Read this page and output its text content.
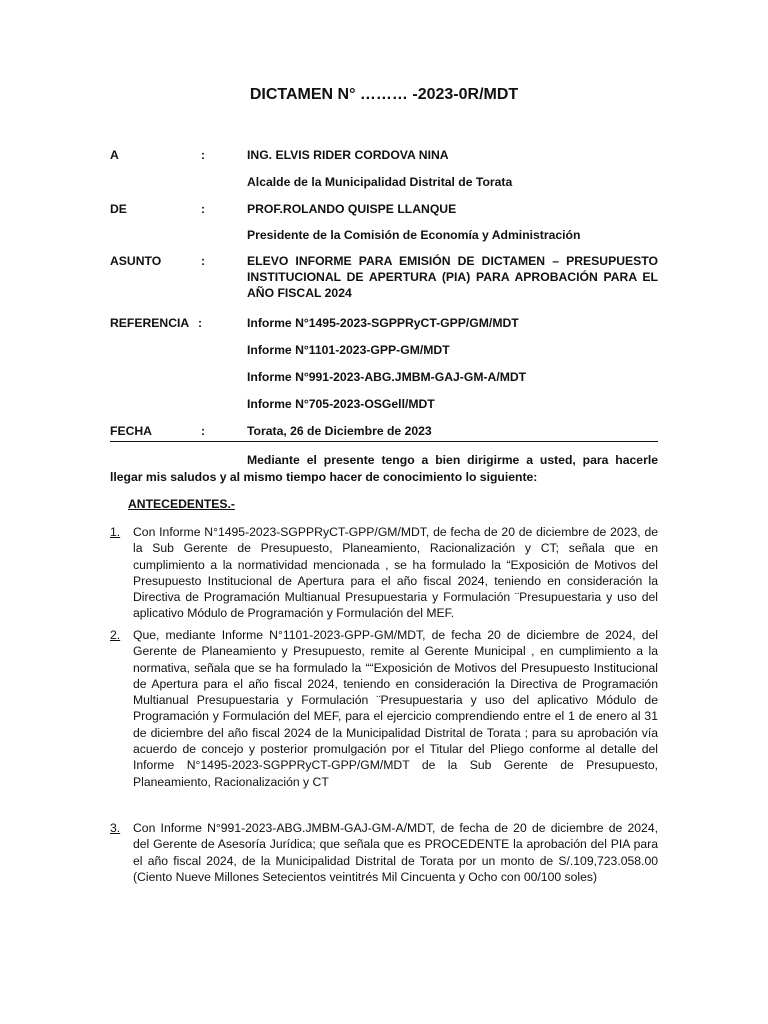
DICTAMEN N° ……… -2023-0R/MDT
A	:	ING. ELVIS RIDER CORDOVA NINA
Alcalde de la Municipalidad Distrital de Torata
DE	:	PROF.ROLANDO QUISPE LLANQUE
Presidente de la Comisión de Economía y Administración
ASUNTO	:	ELEVO INFORME PARA EMISIÓN DE DICTAMEN – PRESUPUESTO INSTITUCIONAL DE APERTURA (PIA) PARA APROBACIÓN PARA EL AÑO FISCAL 2024
REFERENCIA :	Informe N°1495-2023-SGPPRyCT-GPP/GM/MDT
Informe N°1101-2023-GPP-GM/MDT
Informe N°991-2023-ABG.JMBM-GAJ-GM-A/MDT
Informe N°705-2023-OSGell/MDT
FECHA	:	Torata, 26 de Diciembre de 2023
Mediante el presente tengo a bien dirigirme a usted, para hacerle llegar mis saludos y al mismo tiempo hacer de conocimiento lo siguiente:
ANTECEDENTES.-
1.	Con Informe N°1495-2023-SGPPRyCT-GPP/GM/MDT, de fecha de 20 de diciembre de 2023, de la Sub Gerente de Presupuesto, Planeamiento, Racionalización y CT; señala que en cumplimiento a la normatividad mencionada , se ha formulado la “Exposición de Motivos del Presupuesto Institucional de Apertura para el año fiscal 2024, teniendo en consideración la Directiva de Programación Multianual Presupuestaria y Formulación ¨Presupuestaria y uso del aplicativo Módulo de Programación y Formulación del MEF.
2.	Que, mediante Informe N°1101-2023-GPP-GM/MDT, de fecha 20 de diciembre de 2024, del Gerente de Planeamiento y Presupuesto, remite al Gerente Municipal , en cumplimiento a la normativa, señala que se ha formulado la ““Exposición de Motivos del Presupuesto Institucional de Apertura para el año fiscal 2024, teniendo en consideración la Directiva de Programación Multianual Presupuestaria y Formulación ¨Presupuestaria y uso del aplicativo Módulo de Programación y Formulación del MEF, para el ejercicio comprendiendo entre el 1 de enero al 31 de diciembre del año fiscal 2024 de la Municipalidad Distrital de Torata ; para su aprobación vía acuerdo de concejo y posterior promulgación por el Titular del Pliego conforme al detalle del Informe N°1495-2023-SGPPRyCT-GPP/GM/MDT de la Sub Gerente de Presupuesto, Planeamiento, Racionalización y CT
3.	Con Informe N°991-2023-ABG.JMBM-GAJ-GM-A/MDT, de fecha de 20 de diciembre de 2024, del Gerente de Asesoría Jurídica; que señala que es PROCEDENTE la aprobación del PIA para el año fiscal 2024, de la Municipalidad Distrital de Torata por un monto de S/.109,723.058.00 (Ciento Nueve Millones Setecientos veintitrés Mil Cincuenta y Ocho con 00/100 soles)
